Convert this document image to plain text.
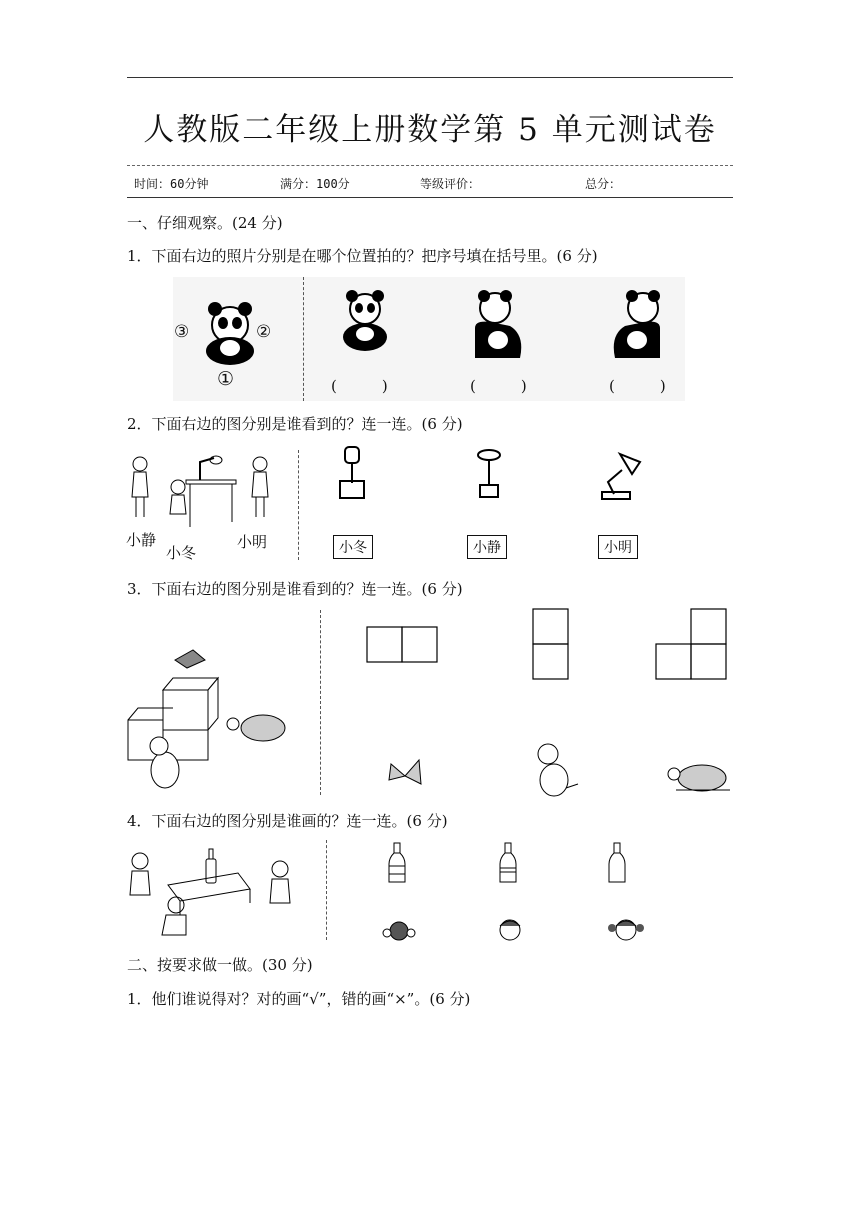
人教版二年级上册数学第 5 单元测试卷
时间：60分钟	满分：100分	等级评价：	总分：
一、仔细观察。(24 分)
1．下面右边的照片分别是在哪个位置拍的？把序号填在括号里。(6 分)
③	②
①	(　　　)	(　　　)	(　　　)
2．下面右边的图分别是谁看到的？连一连。(6 分)
小静
小冬
小明	小冬	小静	小明
3．下面右边的图分别是谁看到的？连一连。(6 分)
4．下面右边的图分别是谁画的？连一连。(6 分)
二、按要求做一做。(30 分)
1．他们谁说得对？对的画“√”，错的画“×”。(6 分)
